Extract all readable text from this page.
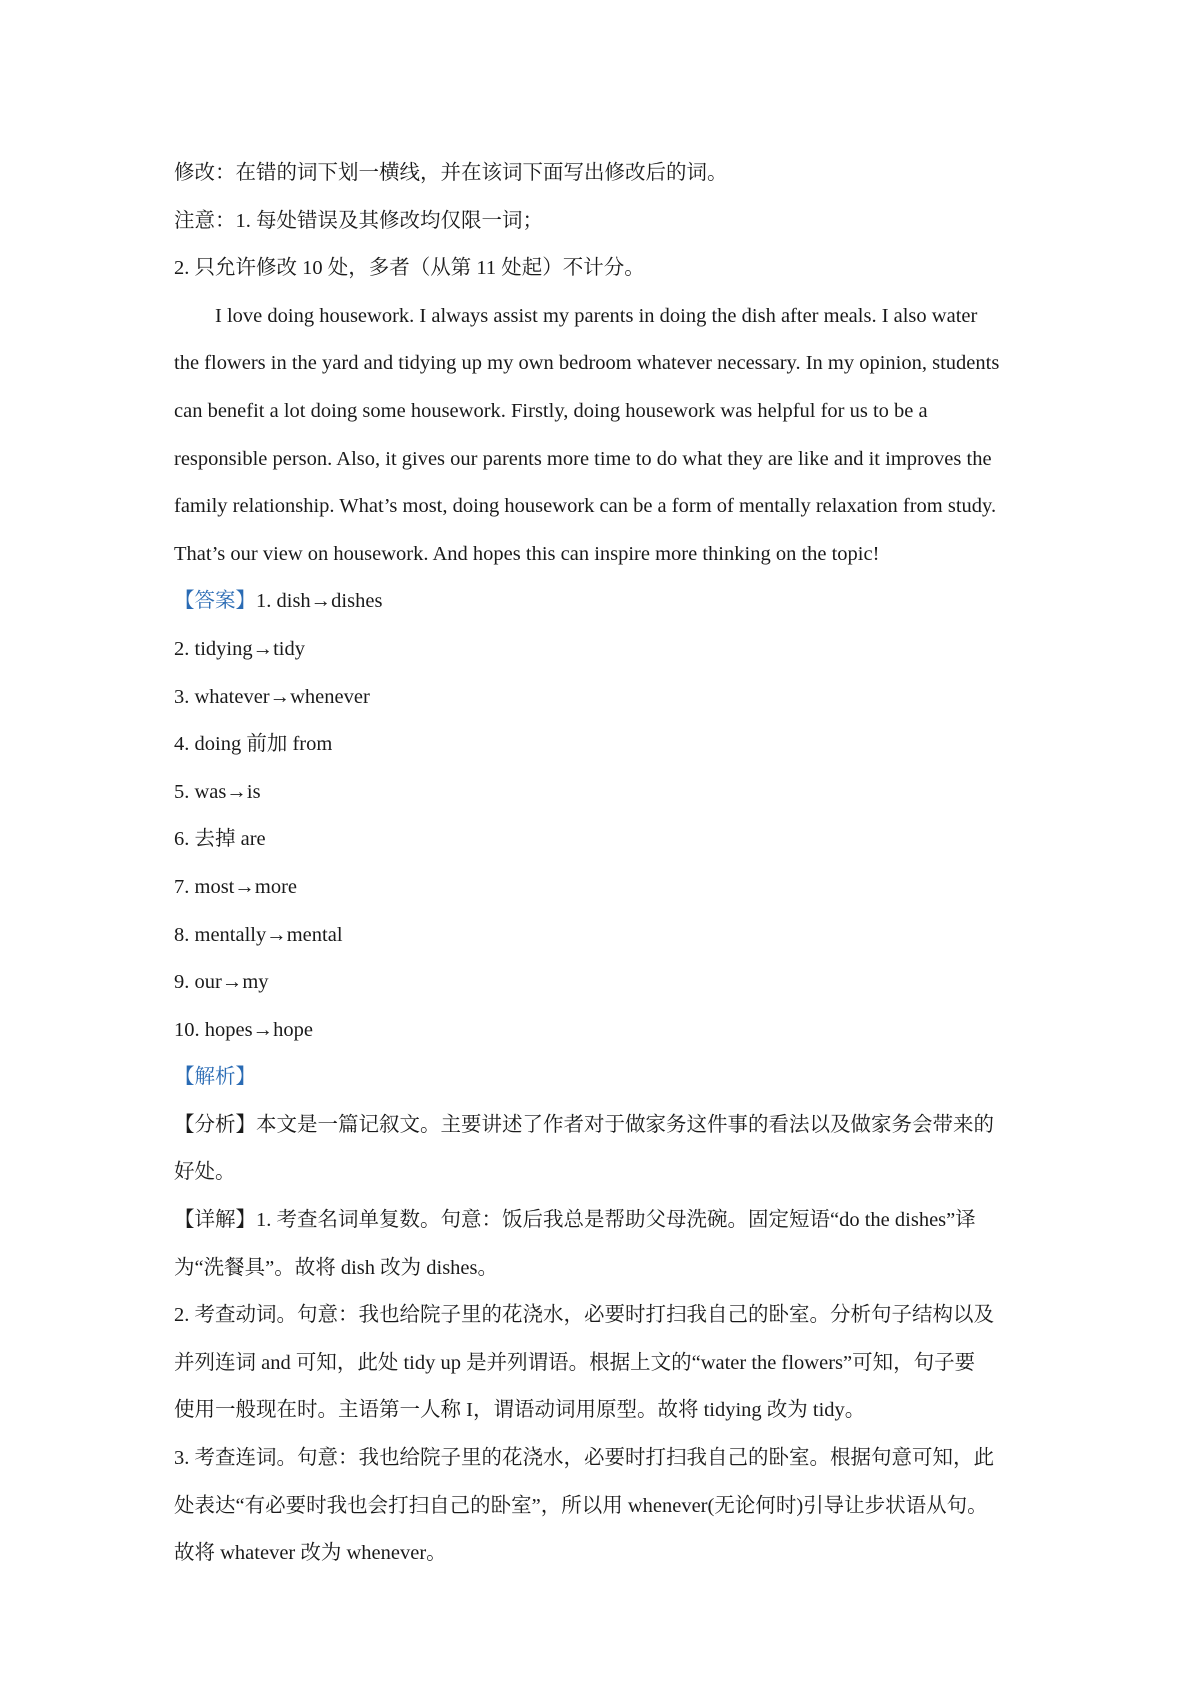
修改：在错的词下划一横线，并在该词下面写出修改后的词。

注意：1. 每处错误及其修改均仅限一词；

2. 只允许修改 10 处，多者（从第 11 处起）不计分。

I love doing housework. I always assist my parents in doing the dish after meals. I also water

the flowers in the yard and tidying up my own bedroom whatever necessary. In my opinion, students

can benefit a lot doing some housework. Firstly, doing housework was helpful for us to be a

responsible person. Also, it gives our parents more time to do what they are like and it improves the

family relationship. What’s most, doing housework can be a form of mentally relaxation from study.

That’s our view on housework. And hopes this can inspire more thinking on the topic!

【答案】1. dish→dishes

2. tidying→tidy

3. whatever→whenever

4. doing 前加 from

5. was→is

6. 去掉 are

7. most→more

8. mentally→mental

9. our→my

10. hopes→hope

【解析】

【分析】本文是一篇记叙文。主要讲述了作者对于做家务这件事的看法以及做家务会带来的

好处。

【详解】1. 考查名词单复数。句意：饭后我总是帮助父母洗碗。固定短语“do the dishes”译

为“洗餐具”。故将 dish 改为 dishes。

2. 考查动词。句意：我也给院子里的花浇水，必要时打扫我自己的卧室。分析句子结构以及

并列连词 and 可知，此处 tidy up 是并列谓语。根据上文的“water the flowers”可知，句子要

使用一般现在时。主语第一人称 I，谓语动词用原型。故将 tidying 改为 tidy。

3. 考查连词。句意：我也给院子里的花浇水，必要时打扫我自己的卧室。根据句意可知，此

处表达“有必要时我也会打扫自己的卧室”，所以用 whenever(无论何时)引导让步状语从句。

故将 whatever 改为 whenever。
